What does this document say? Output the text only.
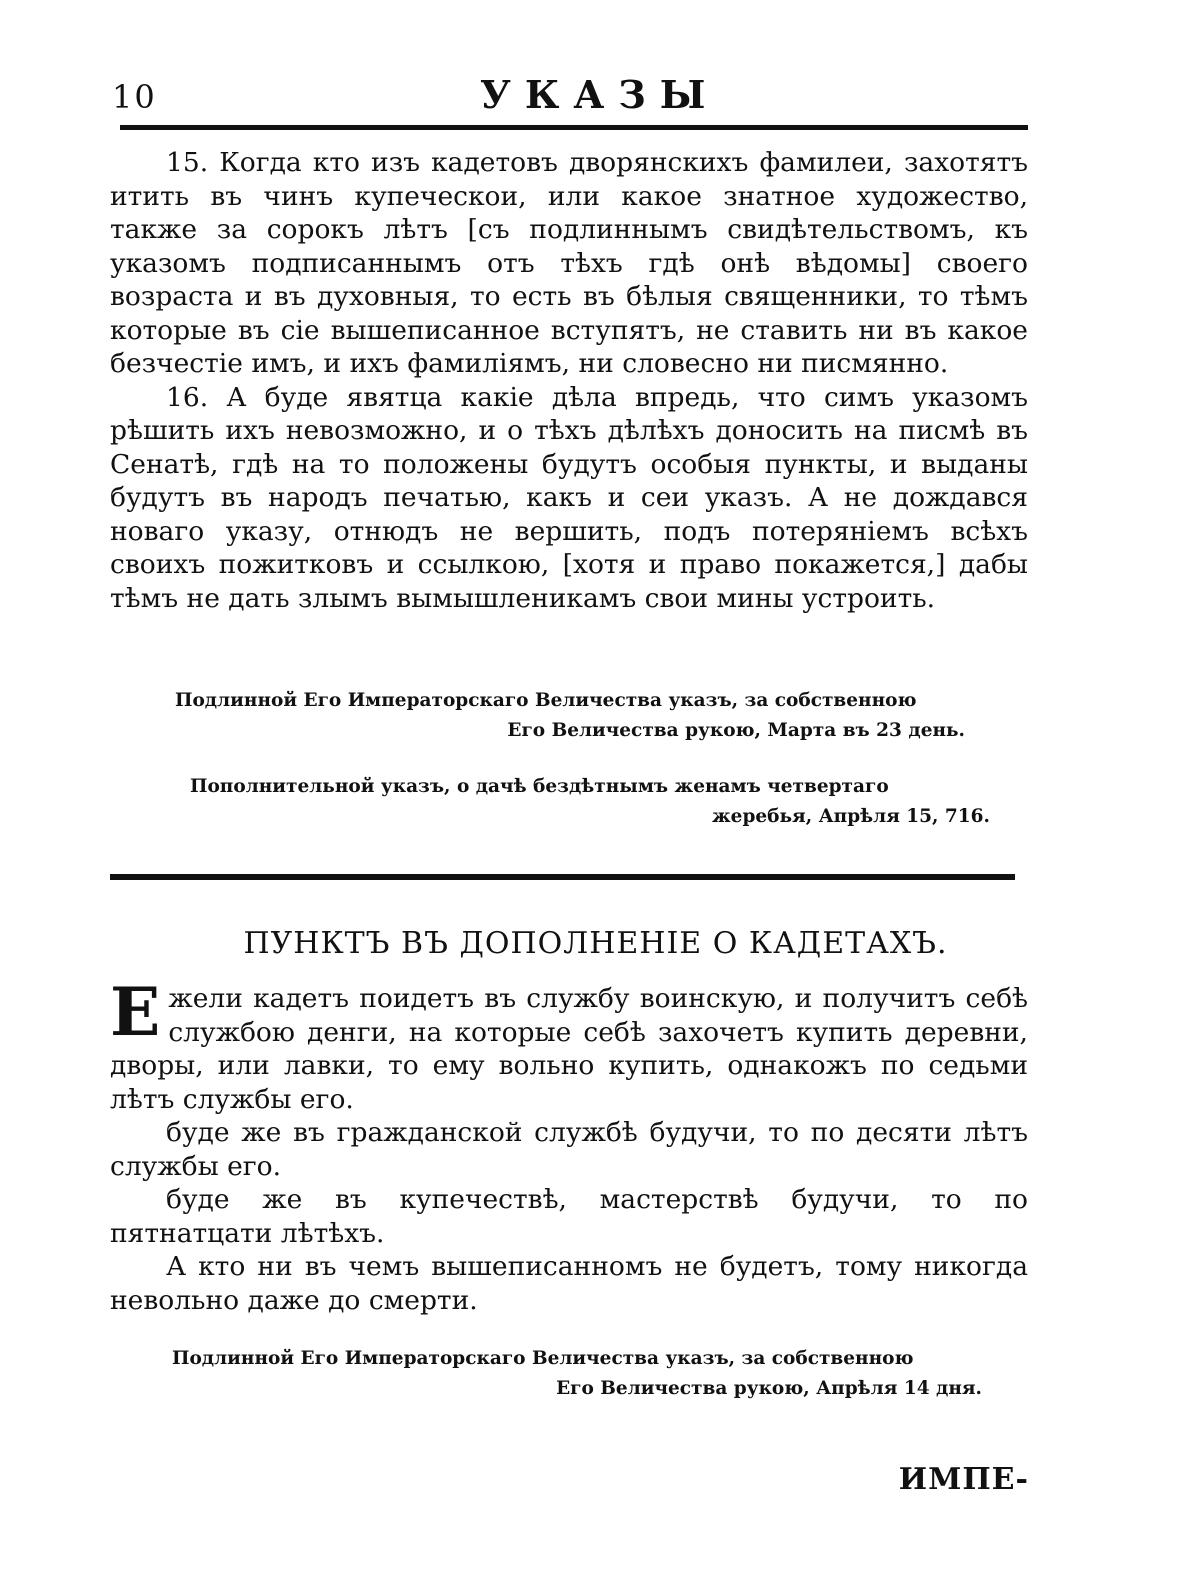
10	УКАЗЫ

15. Когда кто изъ кадетовъ дворянскихъ фамилеи, захотятъ итить въ чинъ купеческои, или какое знатное художество, также за сорокъ лѣтъ [съ подлиннымъ свидѣтельствомъ, къ указомъ подписаннымъ отъ тѣхъ гдѣ онѣ вѣдомы] своего возраста и въ духовныя, то есть въ бѣлыя священники, то тѣмъ которые въ сіе вышеписанное вступятъ, не ставить ни въ какое безчестіе имъ, и ихъ фамиліямъ, ни словесно ни писмянно.

16. А буде явятца какіе дѣла впредь, что симъ указомъ рѣшить ихъ невозможно, и о тѣхъ дѣлѣхъ доносить на писмѣ въ Сенатѣ, гдѣ на то положены будутъ особыя пункты, и выданы будутъ въ народъ печатью, какъ и сеи указъ. А не дождався новаго указу, отнюдъ не вершить, подъ потеряніемъ всѣхъ своихъ пожитковъ и ссылкою, [хотя и право покажется,] дабы тѣмъ не дать злымъ вымышленикамъ свои мины устроить.

Подлинной Его Императорскаго Величества указъ, за собственною
Его Величества рукою, Марта въ 23 день.
Пополнительной указъ, о дачѣ бездѣтнымъ женамъ четвертаго
жеребья, Апрѣля 15, 716.
ПУНКТЪ ВЪ ДОПОЛНЕНІЕ О КАДЕТАХЪ.

Ежели кадетъ поидетъ въ службу воинскую, и получитъ себѣ службою денги, на которые себѣ захочетъ купить деревни, дворы, или лавки, то ему вольно купить, однакожъ по седьми лѣтъ службы его.

буде же въ гражданской службѣ будучи, то по десяти лѣтъ службы его.

буде же въ купечествѣ, мастерствѣ будучи, то по пятнатцати лѣтѣхъ.

А кто ни въ чемъ вышеписанномъ не будетъ, тому никогда невольно даже до смерти.

Подлинной Его Императорскаго Величества указъ, за собственною
Его Величества рукою, Апрѣля 14 дня.
ИМПЕ-
